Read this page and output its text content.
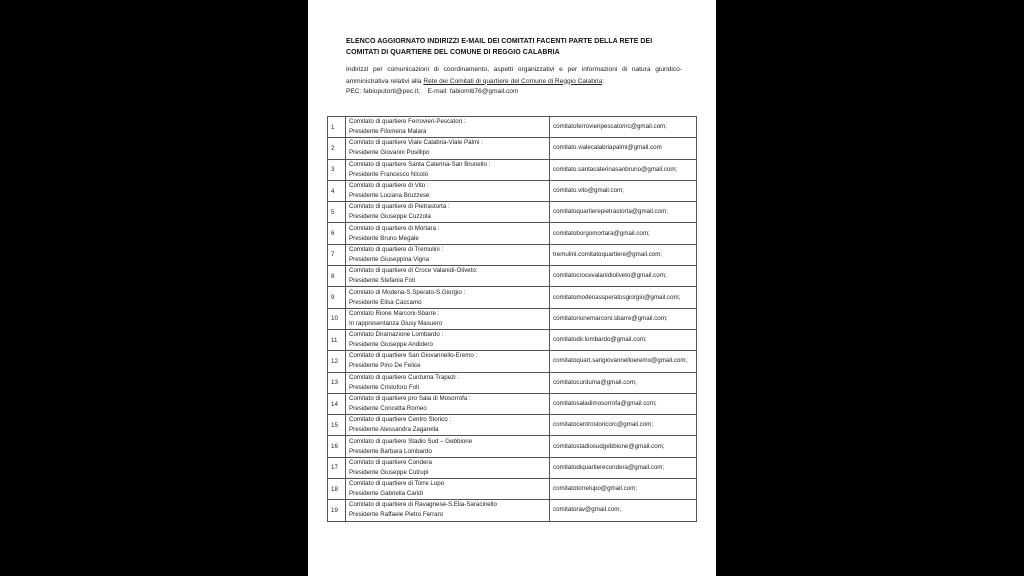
ELENCO AGGIORNATO INDIRIZZI E-MAIL DEI COMITATI FACENTI PARTE DELLA RETE DEI COMITATI DI QUARTIERE DEL COMUNE DI REGGIO CALABRIA
Indirizzi per comunicazioni di coordinamento, aspetti organizzativi e per informazioni di natura giuridico-amministrativa relativi alla Rete dei Comitati di quartiere del Comune di Reggio Calabria:
PEC: fabioputorti@pec.it; E-mail: fabiomiti76@gmail.com
1	Comitato di quartiere Ferrovieri-Pescatori :
Presidente Filomena Malara	comitatoferrovieripescatorirc@gmail.com;
2	Comitato di quartiere Viale Calabria-Viale Palmi :
Presidente Giovanni Posillipo	comitato.vialecalabriapalmi@gmail.com
3	Comitato di quartiere Santa Caterina-San Brunello :
Presidente Francesco Nicolò	comitato.santacaterinasanbruno@gmail.com;
4	Comitato di quartiere di Vito :
Presidente Luciana Bruzzese	comitato.vito@gmail.com;
5	Comitato di quartiere di Pietrastorta :
Presidente Giuseppe Cuzzola	comitatoquartierepietrastorta@gmail.com;
6	Comitato di quartiere di Mortara :
Presidente Bruno Megale	comitatoborgomortara@gmail.com;
7	Comitato di quartiere di Tremulini :
Presidente Giuseppina Vigna	tremulini.comitatoquartiere@gmail.com;
8	Comitato di quartiere di Croce Valanidi-Oliveto:
Presidente Stefania Foti	comitatocrocevalanidioliveto@gmail.com;
9	Comitato di Modena-S.Sperato-S.Giorgio :
Presidente Elisa Caccamo	comitatomodenassperatosgiorgio@gmail.com;
10	Comitato Rione Marconi-Sbarre :
In rappresentanza Giusy Masuero	comitatorionemarconi.sbarre@gmail.com;
11	Comitato Diramazione Lombardo :
Presidente Giuseppe Andidero	comitatodir.lombardo@gmail.com;
12	Comitato di quartiere San Giovannello-Eremo :
Presidente Pino De Felice	comitatoquart.sangiovannelloeremo@gmail.com;
13	Comitato di quartiere Curduma Trapezi :
Presidente Cristoforo Foti	comitatocurduma@gmail.com;
14	Comitato di quartiere pro Sala di Mosorrofa :
Presidente Concetta Romeo	comitatosaladimosorrofa@gmail.com;
15	Comitato di quartiere Centro Storico :
Presidente Alessandra Zagarella	comitatocentrostoricorc@gmail.com;
16	Comitato di quartiere Stadio Sud – Gebbione
Presidente Barbara Lombardo	comitatostadiosudgebbione@gmail.com;
17	Comitato di quartiere Condera
Presidente Giuseppe Cutrupi	comitatodiquartierecondera@gmail.com;
18	Comitato di quartiere di Torre Lupo
Presidente Gabriella Caridi	comitatotorrelupo@gmail.com;
19	Comitato di quartiere di Ravagnese-S.Elia-Saracinello
Presidente Raffaele Pietro Ferraro	comitatorav@gmail.com;
